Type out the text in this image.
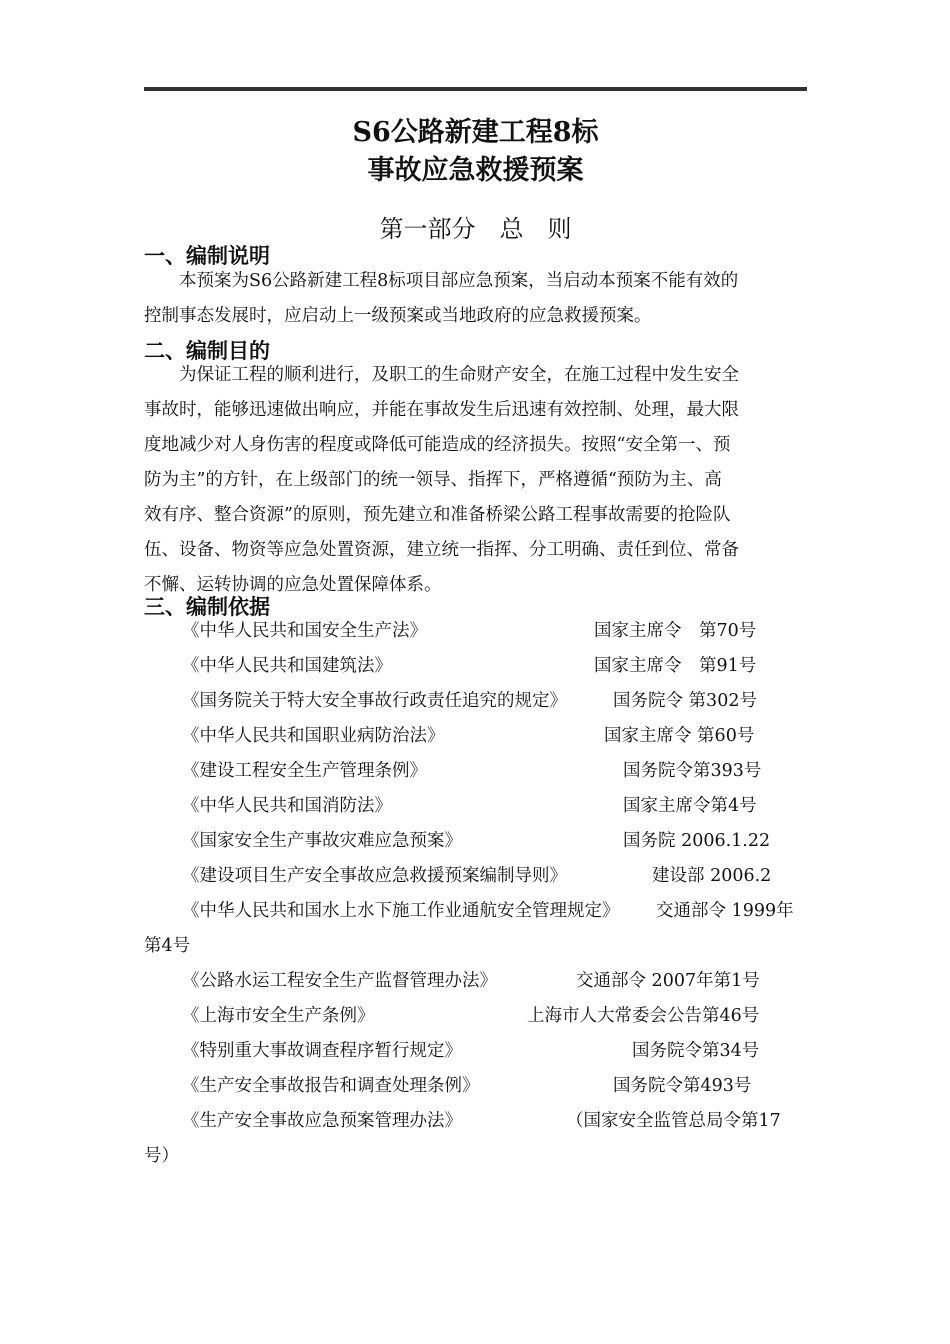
S6公路新建工程8标
事故应急救援预案
第一部分　总　则
一、编制说明
　　本预案为S6公路新建工程8标项目部应急预案，当启动本预案不能有效的
控制事态发展时，应启动上一级预案或当地政府的应急救援预案。
二、编制目的
　　为保证工程的顺利进行，及职工的生命财产安全，在施工过程中发生安全
事故时，能够迅速做出响应，并能在事故发生后迅速有效控制、处理，最大限
度地减少对人身伤害的程度或降低可能造成的经济损失。按照“安全第一、预
防为主”的方针，在上级部门的统一领导、指挥下，严格遵循“预防为主、高
效有序、整合资源”的原则，预先建立和准备桥梁公路工程事故需要的抢险队
伍、设备、物资等应急处置资源，建立统一指挥、分工明确、责任到位、常备
不懈、运转协调的应急处置保障体系。
三、编制依据
《中华人民共和国安全生产法》	国家主席令　第70号
《中华人民共和国建筑法》	国家主席令　第91号
《国务院关于特大安全事故行政责任追究的规定》	国务院令 第302号
《中华人民共和国职业病防治法》	国家主席令 第60号
《建设工程安全生产管理条例》	国务院令第393号
《中华人民共和国消防法》	国家主席令第4号
《国家安全生产事故灾难应急预案》	国务院 2006.1.22
《建设项目生产安全事故应急救援预案编制导则》	建设部 2006.2
《中华人民共和国水上水下施工作业通航安全管理规定》 交通部令 1999年
第4号
《公路水运工程安全生产监督管理办法》	交通部令 2007年第1号
《上海市安全生产条例》	上海市人大常委会公告第46号
《特别重大事故调查程序暂行规定》	国务院令第34号
《生产安全事故报告和调查处理条例》	国务院令第493号
《生产安全事故应急预案管理办法》	（国家安全监管总局令第17
号）
